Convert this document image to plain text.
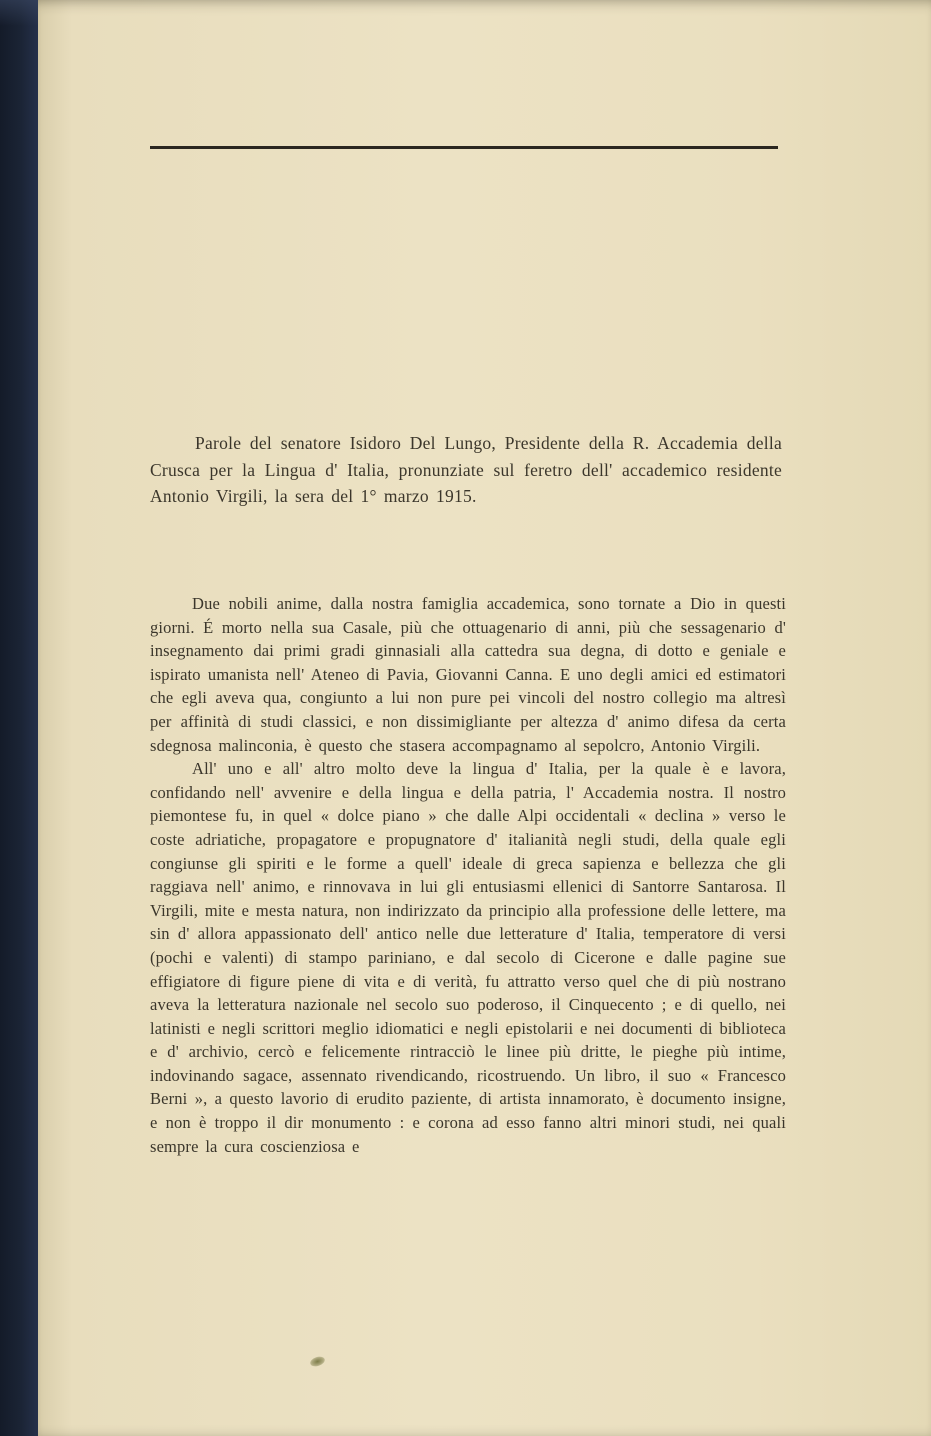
Parole del senatore Isidoro Del Lungo, Presidente della R. Accademia della Crusca per la Lingua d' Italia, pronunziate sul feretro dell' accademico residente Antonio Virgili, la sera del 1° marzo 1915.

Due nobili anime, dalla nostra famiglia accademica, sono tornate a Dio in questi giorni. É morto nella sua Casale, più che ottuagenario di anni, più che sessagenario d' insegnamento dai primi gradi ginnasiali alla cattedra sua degna, di dotto e geniale e ispirato umanista nell' Ateneo di Pavia, Giovanni Canna. E uno degli amici ed estimatori che egli aveva qua, congiunto a lui non pure pei vincoli del nostro collegio ma altresì per affinità di studi classici, e non dissimigliante per altezza d' animo difesa da certa sdegnosa malinconia, è questo che stasera accompagnamo al sepolcro, Antonio Virgili.

All' uno e all' altro molto deve la lingua d' Italia, per la quale è e lavora, confidando nell' avvenire e della lingua e della patria, l' Accademia nostra. Il nostro piemontese fu, in quel « dolce piano » che dalle Alpi occidentali « declina » verso le coste adriatiche, propagatore e propugnatore d' italianità negli studi, della quale egli congiunse gli spiriti e le forme a quell' ideale di greca sapienza e bellezza che gli raggiava nell' animo, e rinnovava in lui gli entusiasmi ellenici di Santorre Santarosa. Il Virgili, mite e mesta natura, non indirizzato da principio alla professione delle lettere, ma sin d' allora appassionato dell' antico nelle due letterature d' Italia, temperatore di versi (pochi e valenti) di stampo pariniano, e dal secolo di Cicerone e dalle pagine sue effigiatore di figure piene di vita e di verità, fu attratto verso quel che di più nostrano aveva la letteratura nazionale nel secolo suo poderoso, il Cinquecento ; e di quello, nei latinisti e negli scrittori meglio idiomatici e negli epistolarii e nei documenti di biblioteca e d' archivio, cercò e felicemente rintracciò le linee più dritte, le pieghe più intime, indovinando sagace, assennato rivendicando, ricostruendo. Un libro, il suo « Francesco Berni », a questo lavorio di erudito paziente, di artista innamorato, è documento insigne, e non è troppo il dir monumento : e corona ad esso fanno altri minori studi, nei quali sempre la cura coscienziosa e
